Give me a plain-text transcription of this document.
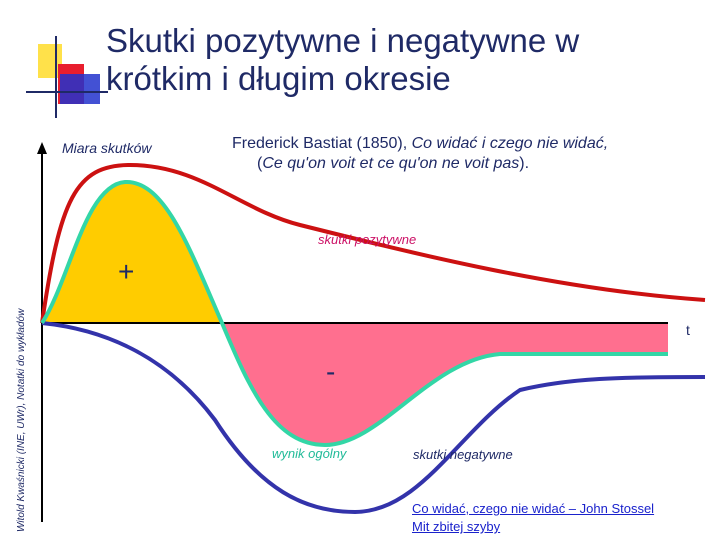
Skutki pozytywne i negatywne w
krótkim i długim okresie
Miara skutków	Frederick Bastiat (1850), Co widać i czego nie widać,
(Ce qu'on voit et ce qu'on ne voit pas).
skutki pozytywne
+
-
t
wynik ogólny	skutki negatywne
Co widać, czego nie widać – John Stossel
Mit zbitej szyby
Witold Kwaśnicki (INE, UWr), Notatki do wykładów
